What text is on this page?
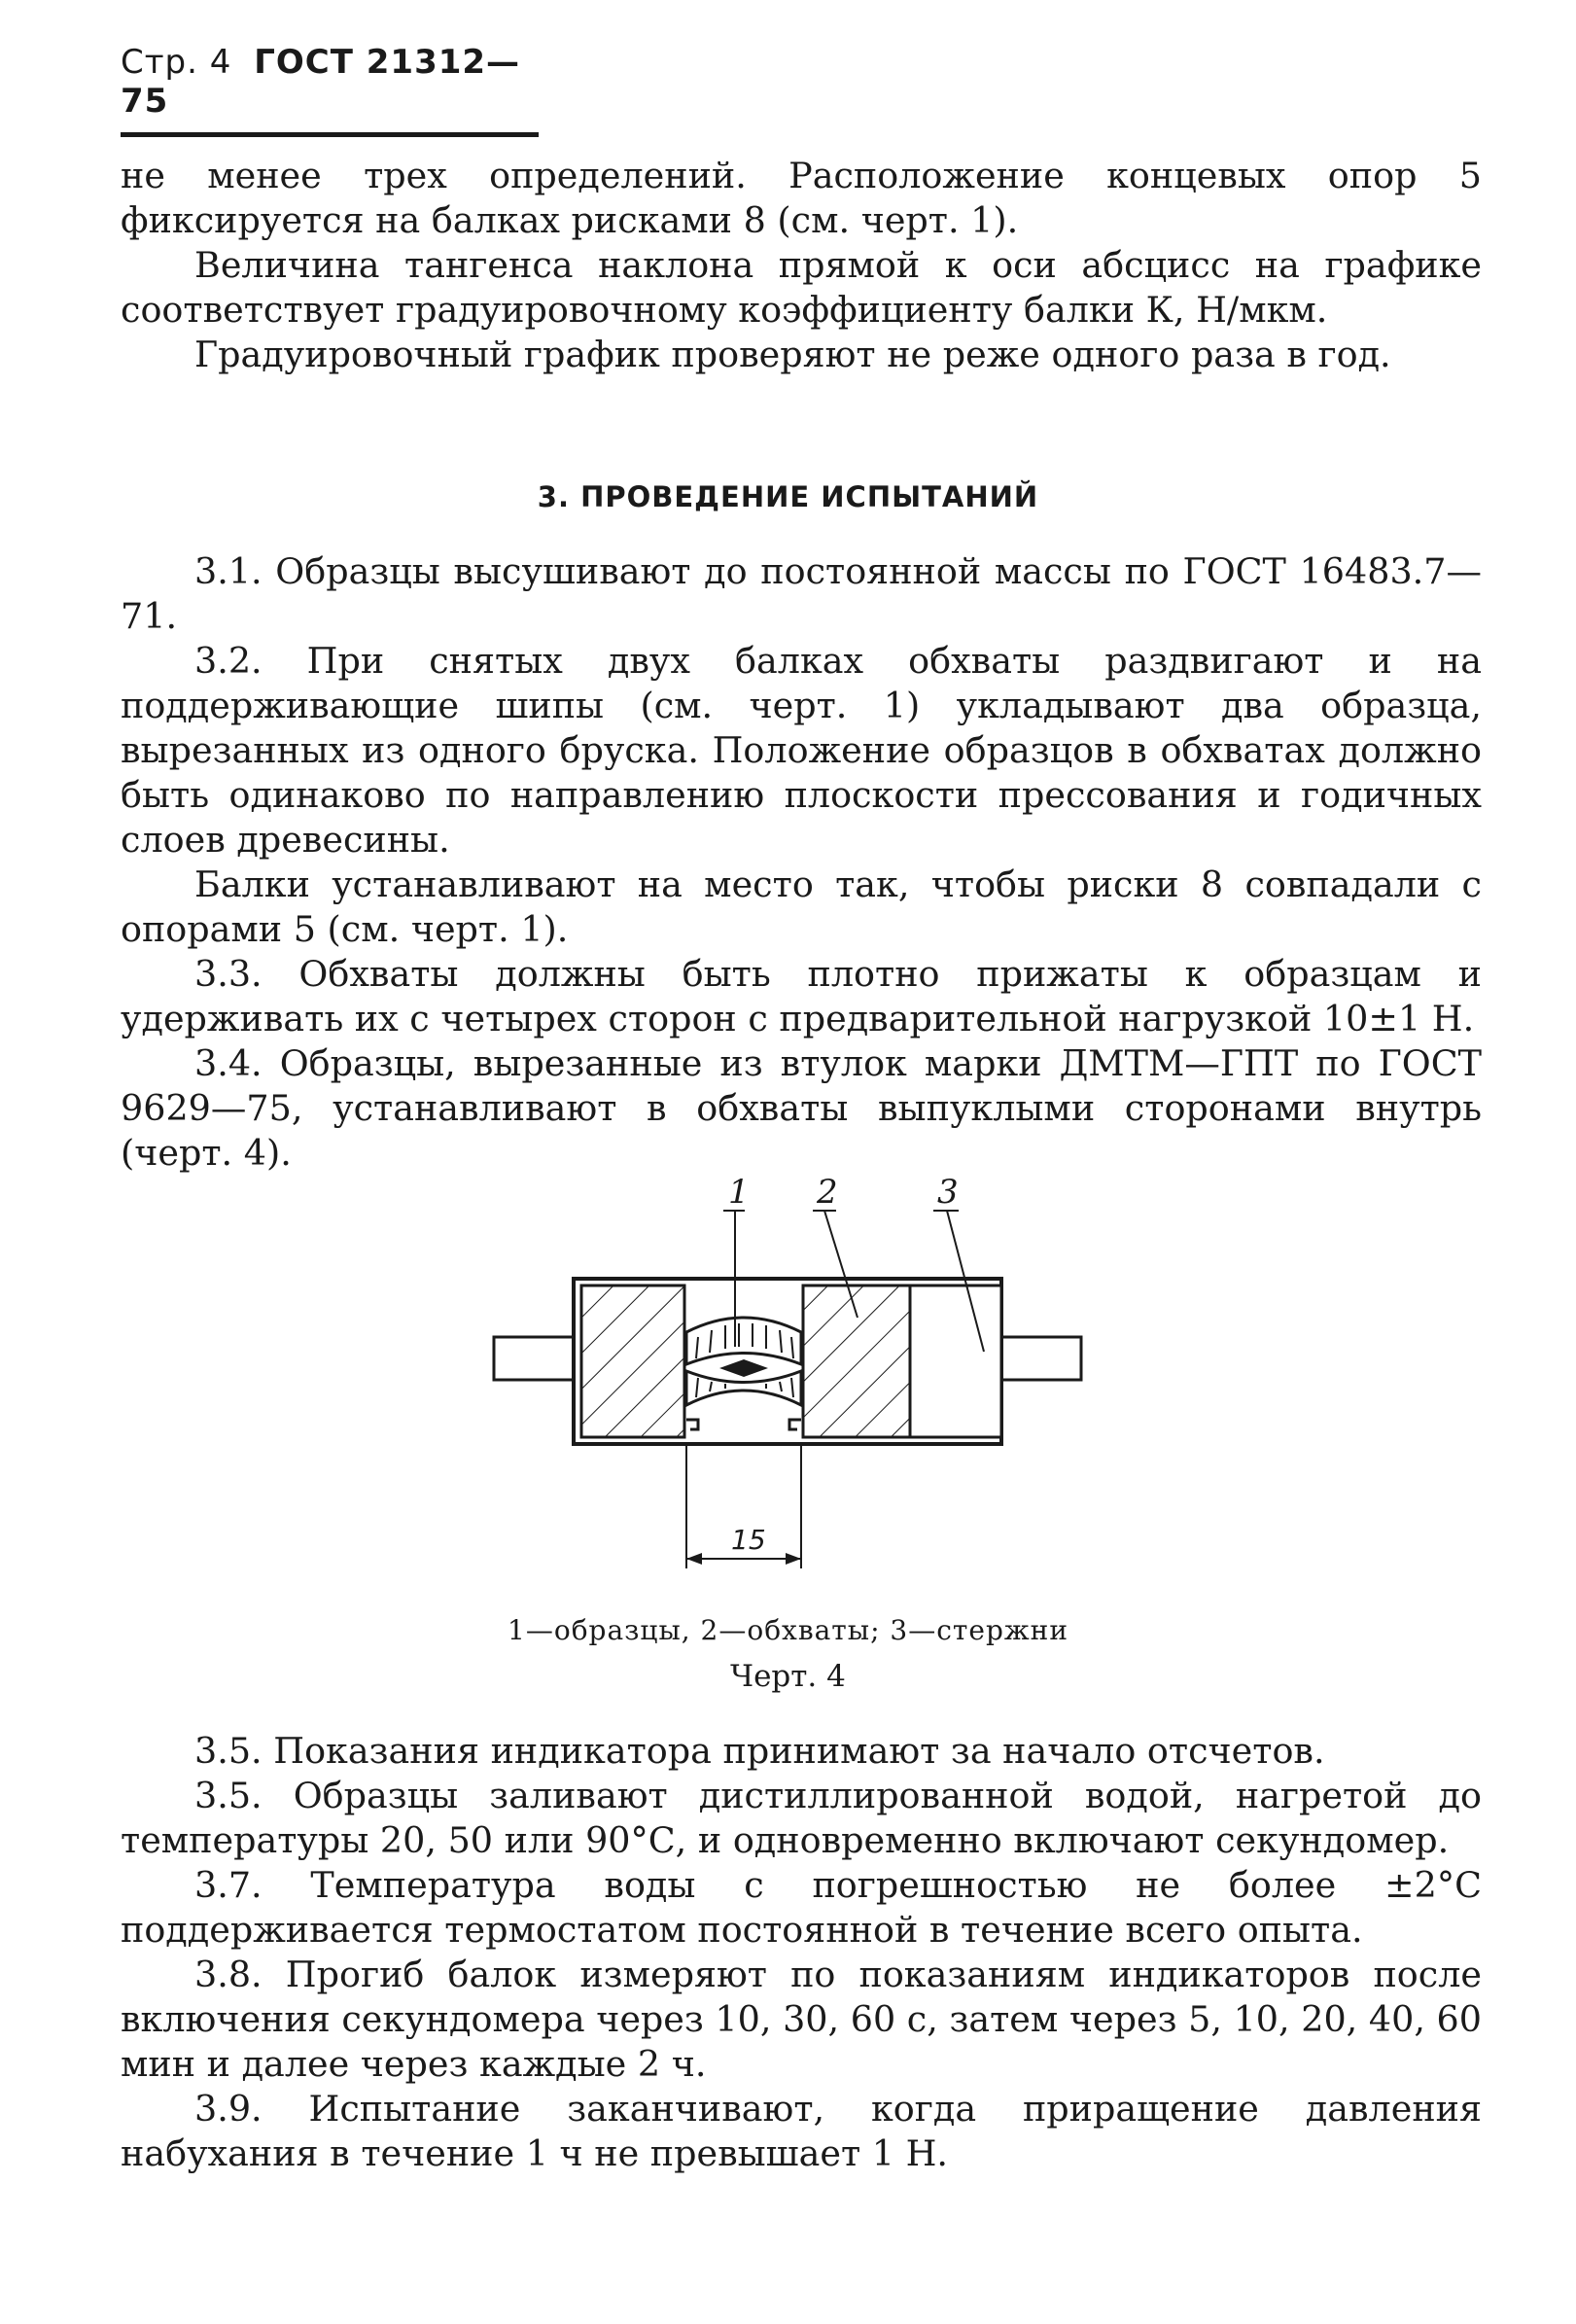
Стр. 4 ГОСТ 21312—75

не менее трех определений. Расположение концевых опор 5 фиксируется на балках рисками 8 (см. черт. 1).

Величина тангенса наклона прямой к оси абсцисс на графике соответствует градуировочному коэффициенту балки К, Н/мкм.

Градуировочный график проверяют не реже одного раза в год.

3. ПРОВЕДЕНИЕ ИСПЫТАНИЙ

3.1. Образцы высушивают до постоянной массы по ГОСТ 16483.7—71.

3.2. При снятых двух балках обхваты раздвигают и на поддерживающие шипы (см. черт. 1) укладывают два образца, вырезанных из одного бруска. Положение образцов в обхватах должно быть одинаково по направлению плоскости прессования и годичных слоев древесины.

Балки устанавливают на место так, чтобы риски 8 совпадали с опорами 5 (см. черт. 1).

3.3. Обхваты должны быть плотно прижаты к образцам и удерживать их с четырех сторон с предварительной нагрузкой 10±1 Н.

3.4. Образцы, вырезанные из втулок марки ДМТМ—ГПТ по ГОСТ 9629—75, устанавливают в обхваты выпуклыми сторонами внутрь (черт. 4).

1 2	3
15
1—образцы, 2—обхваты; 3—стержни
Черт. 4

3.5. Показания индикатора принимают за начало отсчетов.

3.5. Образцы заливают дистиллированной водой, нагретой до температуры 20, 50 или 90°С, и одновременно включают секундомер.

3.7. Температура воды с погрешностью не более ±2°С поддерживается термостатом постоянной в течение всего опыта.

3.8. Прогиб балок измеряют по показаниям индикаторов после включения секундомера через 10, 30, 60 с, затем через 5, 10, 20, 40, 60 мин и далее через каждые 2 ч.

3.9. Испытание заканчивают, когда приращение давления набухания в течение 1 ч не превышает 1 Н.
